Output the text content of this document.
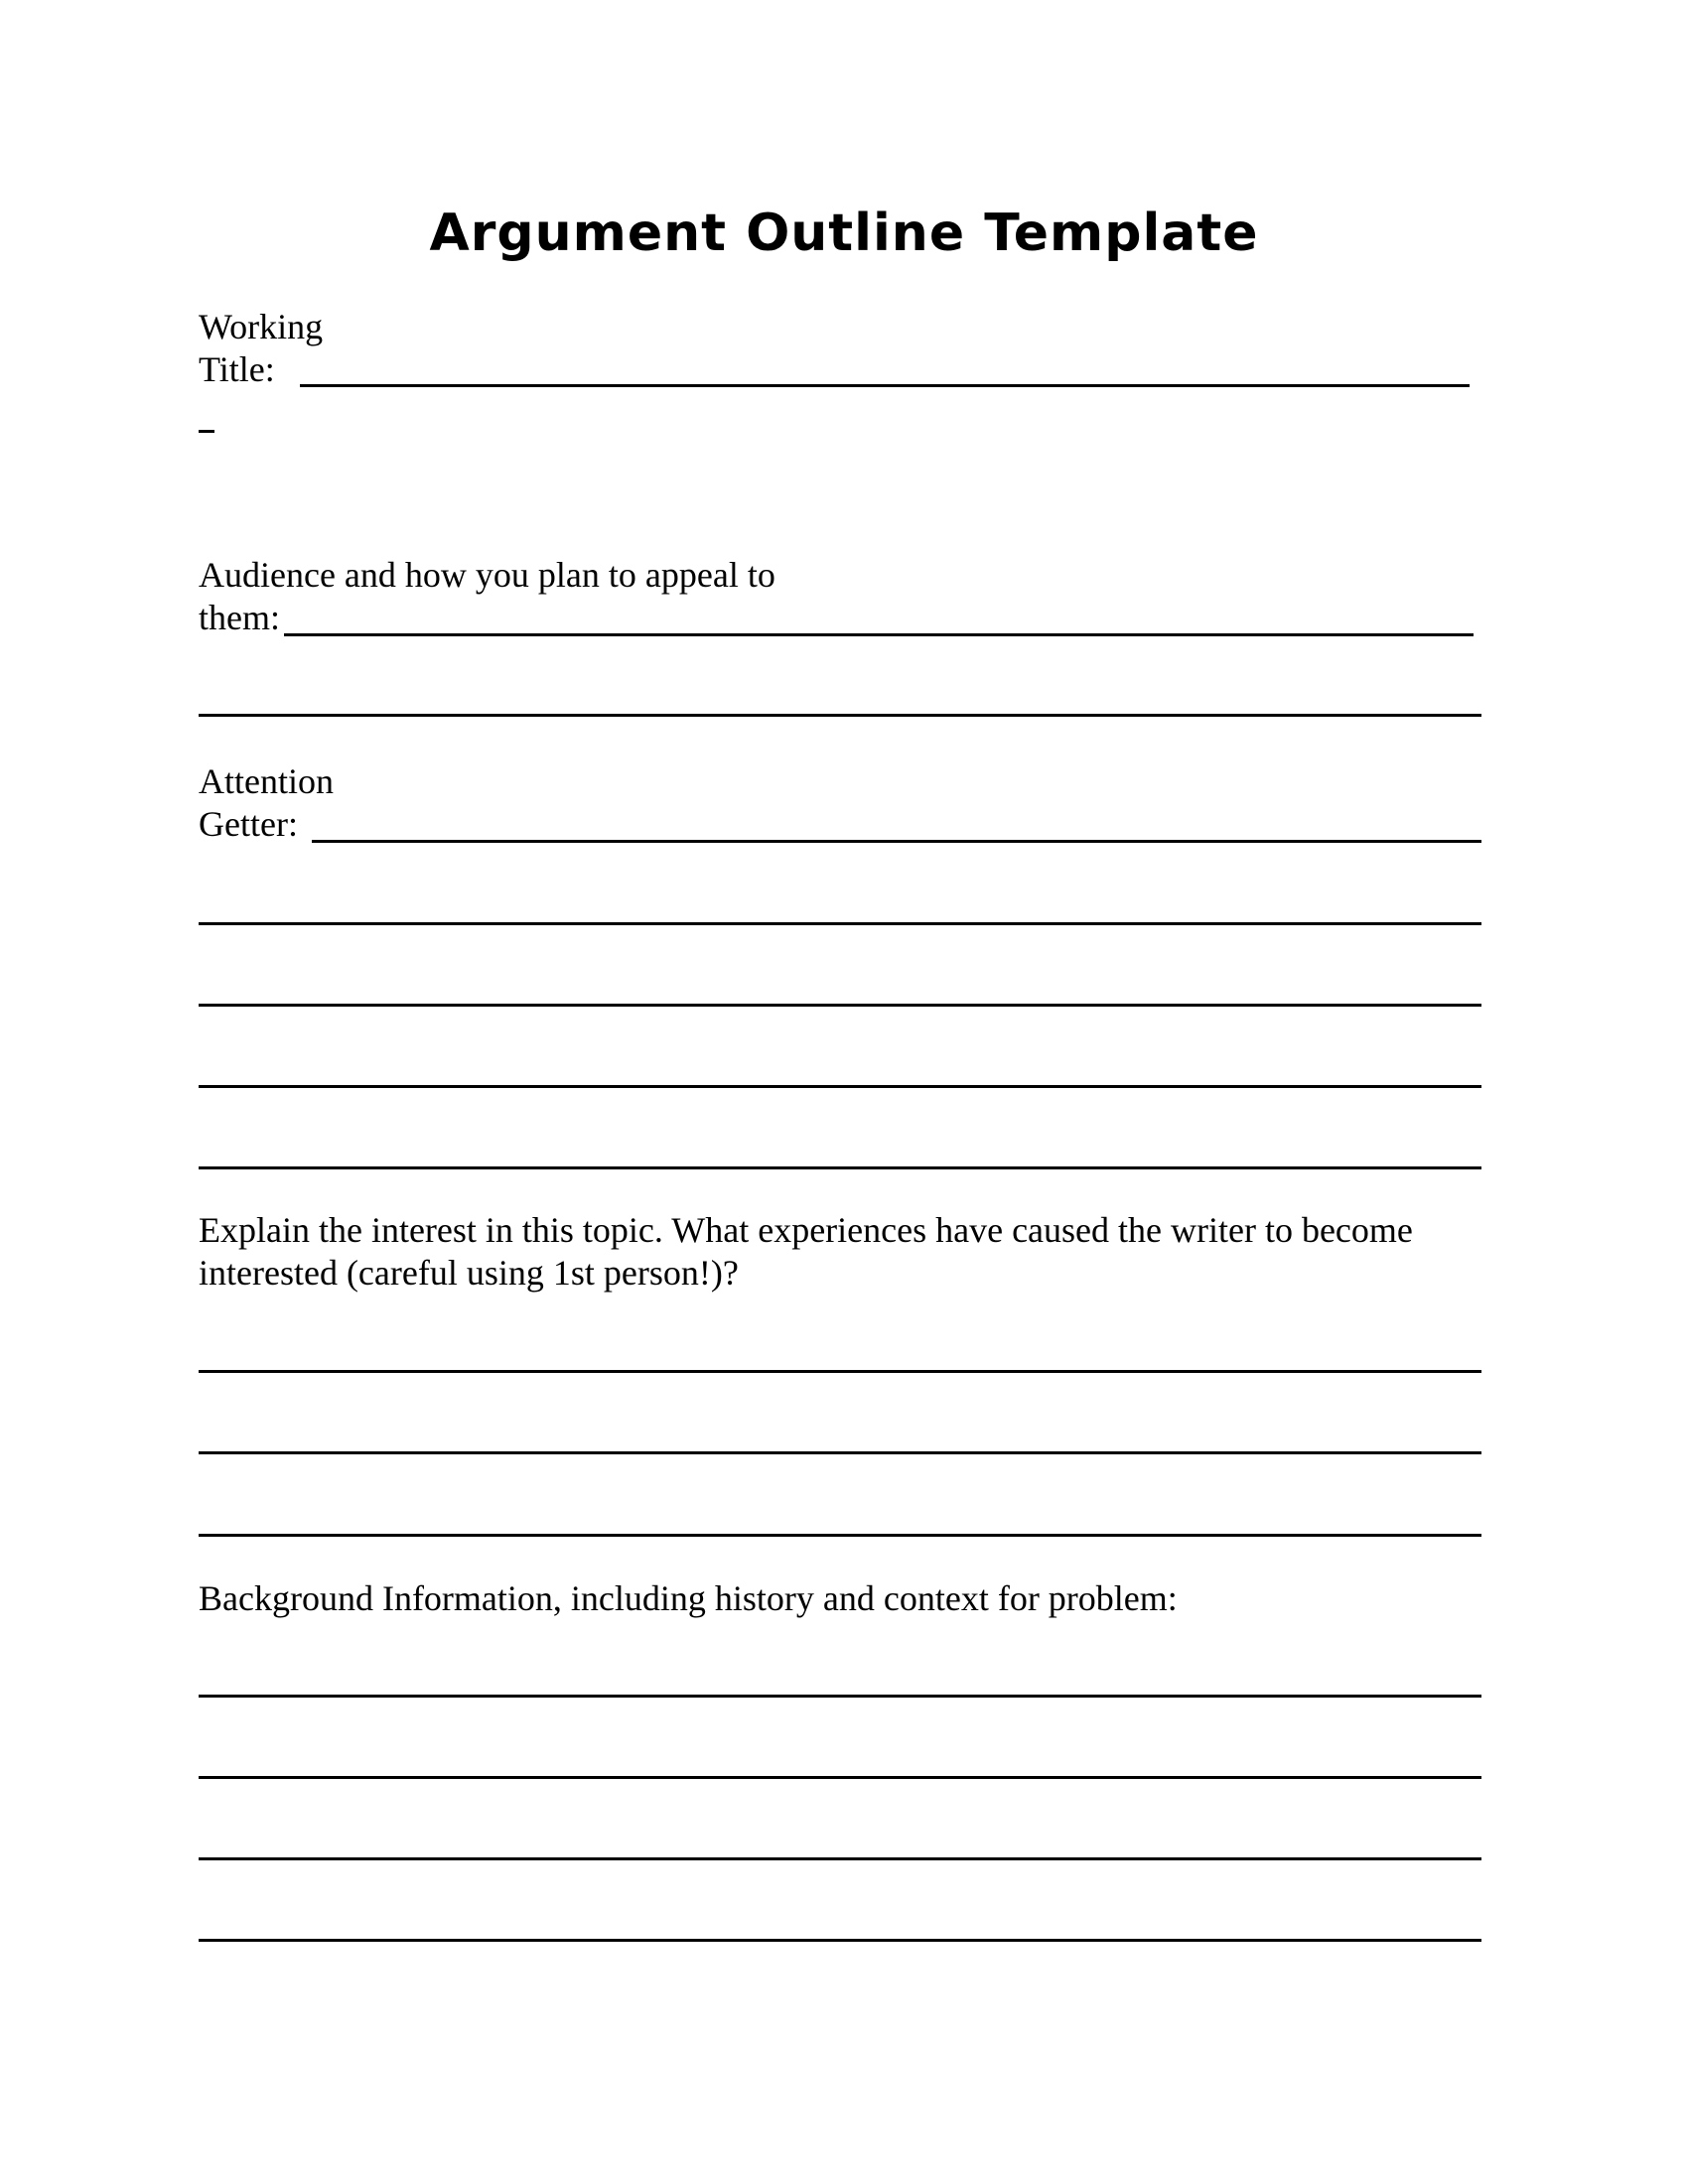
Argument Outline Template
Working
Title:
Audience and how you plan to appeal to
them:
Attention
Getter:
Explain the interest in this topic. What experiences have caused the writer to become
interested (careful using 1st person!)?
Background Information, including history and context for problem:
